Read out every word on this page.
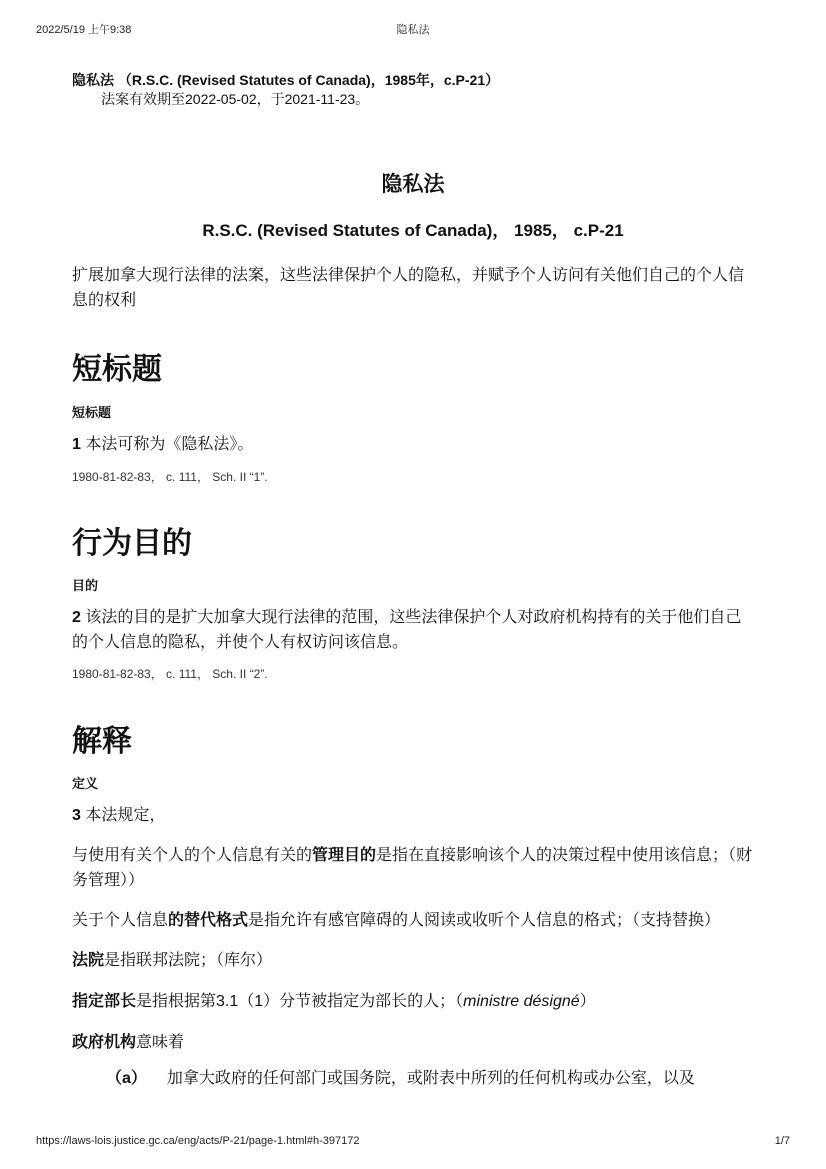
2022/5/19 上午9:38	隐私法
隐私法 （R.S.C. (Revised Statutes of Canada)，1985年，c.P-21）
法案有效期至2022-05-02，于2021-11-23。
隐私法
R.S.C. (Revised Statutes of Canada)， 1985， c.P-21
扩展加拿大现行法律的法案，这些法律保护个人的隐私，并赋予个人访问有关他们自己的个人信息的权利
短标题
短标题
1 本法可称为《隐私法》。
1980-81-82-83， c. 111， Sch. II “1”.
行为目的
目的
2 该法的目的是扩大加拿大现行法律的范围，这些法律保护个人对政府机构持有的关于他们自己的个人信息的隐私，并使个人有权访问该信息。
1980-81-82-83， c. 111， Sch. II “2”.
解释
定义
3 本法规定，
与使用有关个人的个人信息有关的管理目的是指在直接影响该个人的决策过程中使用该信息；（财务管理））
关于个人信息的替代格式是指允许有感官障碍的人阅读或收听个人信息的格式；（支持替换）
法院是指联邦法院；（库尔）
指定部长是指根据第3.1（1）分节被指定为部长的人；（ministre désigné）
政府机构意味着
（a） 加拿大政府的任何部门或国务院，或附表中所列的任何机构或办公室，以及
https://laws-lois.justice.gc.ca/eng/acts/P-21/page-1.html#h-397172	1/7
